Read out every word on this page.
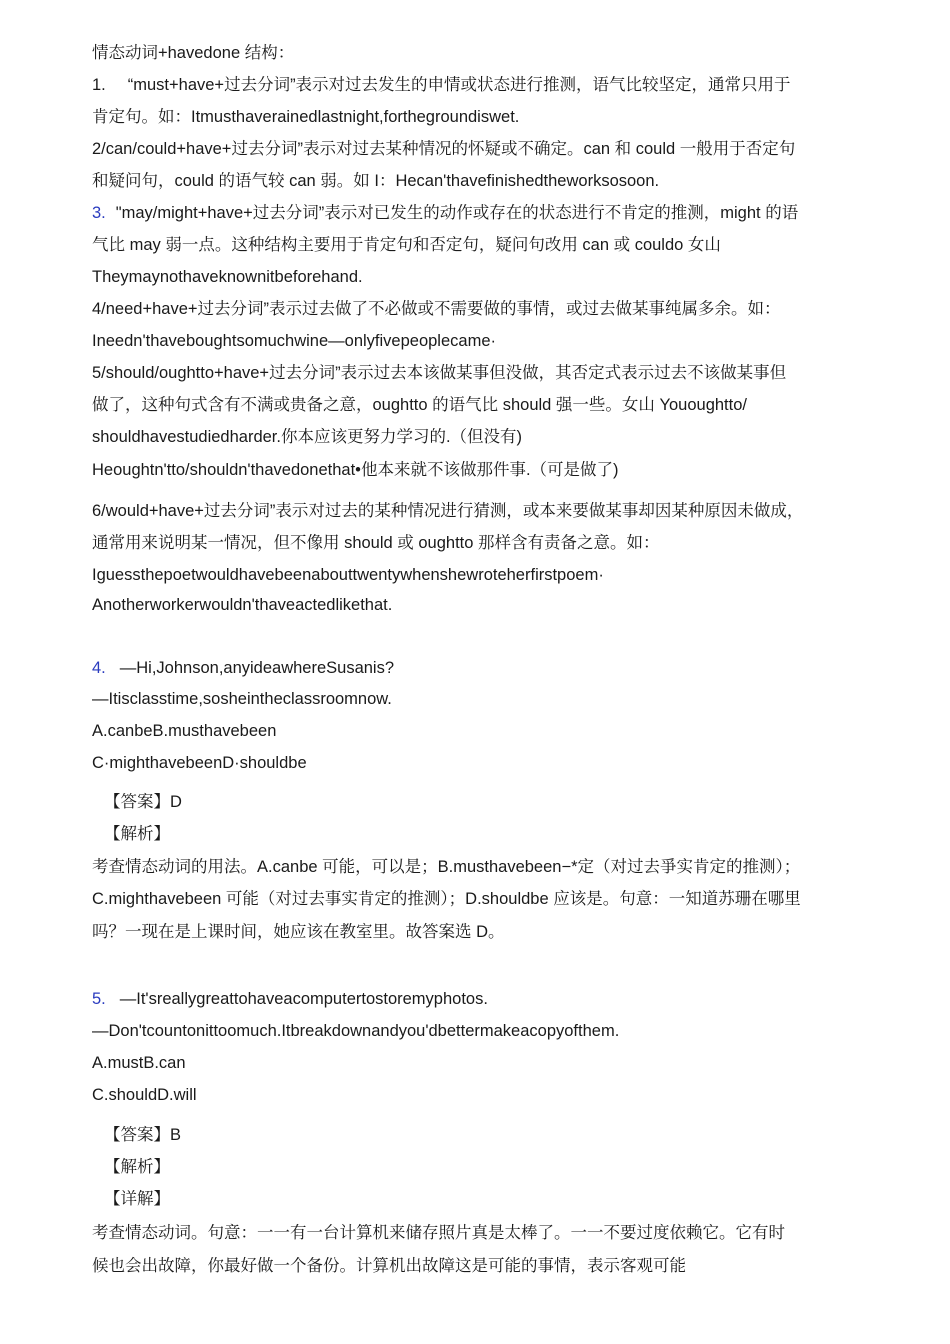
情态动词+havedone 结构：
1. “must+have+过去分词”表示对过去发生的申情或状态进行推测，语气比较坚定，通常只用于
肯定句。如：Itmusthaverainedlastnight,forthegroundiswet.
2/can/could+have+过去分词”表示对过去某种情况的怀疑或不确定。can 和 could 一般用于否定句
和疑问句，could 的语气较 can 弱。如 I：Hecan'thavefinishedtheworksosoon.
3. "may/might+have+过去分词”表示对已发生的动作或存在的状态进行不肯定的推测，might 的语
气比 may 弱一点。这种结构主要用于肯定句和否定句，疑问句改用 can 或 couldo 女山
Theymaynothaveknownitbeforehand.
4/need+have+过去分词”表示过去做了不必做或不需要做的事情，或过去做某事纯属多余。如：
Ineedn'thaveboughtsomuchwine—onlyfivepeoplecame·
5/should/oughtto+have+过去分词”表示过去本该做某事但没做，其否定式表示过去不该做某事但
做了，这种句式含有不满或贵备之意，oughtto 的语气比 should 强一些。女山 Yououghtto/
shouldhavestudiedharder.你本应该更努力学习的.（但没有)
Heoughtn'tto/shouldn'thavedonethat•他本来就不该做那件事.（可是做了)
6/would+have+过去分词”表示对过去的某种情况进行猜测，或本来要做某事却因某种原因未做成，
通常用来说明某一情况，但不像用 should 或 oughtto 那样含有责备之意。如：
Iguessthepoetwouldhavebeenabouttwentywhenshewroteherfirstpoem·
Anotherworkerwouldn'thaveactedlikethat.
4. —Hi,Johnson,anyideawhereSusanis?
—Itisclasstime,sosheintheclassroomnow.
A.canbeB.musthavebeen
C·mighthavebeenD·shouldbe
【答案】D
【解析】
考查情态动词的用法。A.canbe 可能，可以是；B.musthavebeen−*定（对过去爭实肯定的推测）；
C.mighthavebeen 可能（对过去事实肯定的推测）；D.shouldbe 应该是。句意：一知道苏珊在哪里
吗？一现在是上课时间，她应该在教室里。故答案选 D。
5. —It'sreallygreattohaveacomputertostoremyphotos.
—Don'tcountonittoomuch.Itbreakdownandyou'dbettermakeacopyofthem.
A.mustB.can
C.shouldD.will
【答案】B
【解析】
【详解】
考查情态动词。句意：一一有一台计算机来储存照片真是太棒了。一一不要过度依赖它。它有时
候也会出故障，你最好做一个备份。计算机出故障这是可能的事情，表示客观可能
